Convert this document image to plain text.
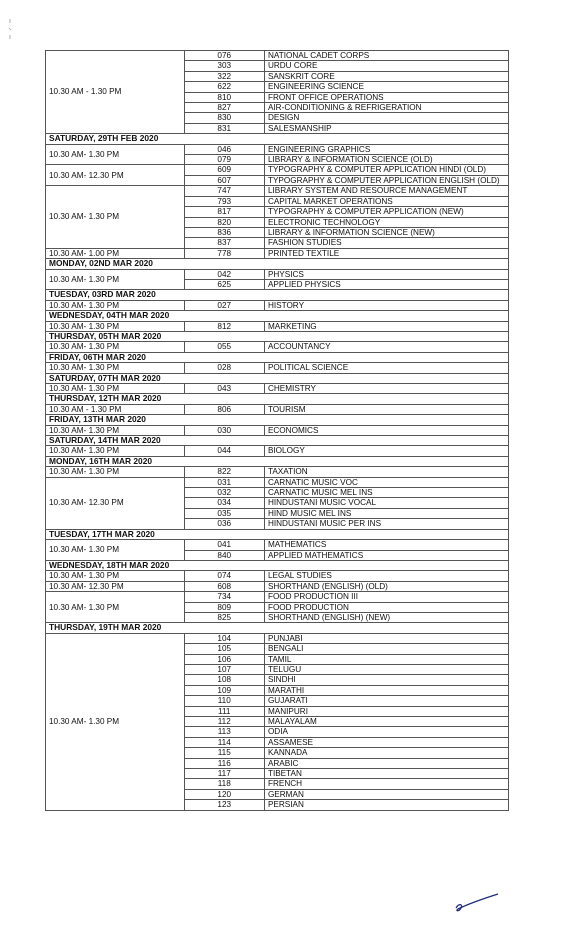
10.30 AM - 1.30 PM	076	NATIONAL CADET CORPS
	303	URDU CORE
	322	SANSKRIT CORE
	622	ENGINEERING SCIENCE
	810	FRONT OFFICE OPERATIONS
	827	AIR-CONDITIONING & REFRIGERATION
	830	DESIGN
	831	SALESMANSHIP
SATURDAY, 29TH FEB 2020		
10.30 AM- 1.30 PM	046	ENGINEERING GRAPHICS
	079	LIBRARY & INFORMATION SCIENCE (OLD)
10.30 AM- 12.30 PM	609	TYPOGRAPHY & COMPUTER APPLICATION HINDI (OLD)
	607	TYPOGRAPHY & COMPUTER APPLICATION ENGLISH (OLD)
10.30 AM- 1.30 PM	747	LIBRARY SYSTEM AND RESOURCE MANAGEMENT
	793	CAPITAL MARKET OPERATIONS
	817	TYPOGRAPHY & COMPUTER APPLICATION (NEW)
	820	ELECTRONIC TECHNOLOGY
	836	LIBRARY & INFORMATION SCIENCE (NEW)
	837	FASHION STUDIES
10.30 AM- 1.00 PM	778	PRINTED TEXTILE
MONDAY, 02ND MAR 2020		
10.30 AM- 1.30 PM	042	PHYSICS
	625	APPLIED PHYSICS
TUESDAY, 03RD MAR 2020		
10.30 AM- 1.30 PM	027	HISTORY
WEDNESDAY, 04TH MAR 2020		
10.30 AM- 1.30 PM	812	MARKETING
THURSDAY, 05TH MAR 2020		
10.30 AM- 1.30 PM	055	ACCOUNTANCY
FRIDAY, 06TH MAR 2020		
10.30 AM- 1.30 PM	028	POLITICAL SCIENCE
SATURDAY, 07TH MAR 2020		
10.30 AM- 1.30 PM	043	CHEMISTRY
THURSDAY, 12TH MAR 2020		
10.30 AM - 1.30 PM	806	TOURISM
FRIDAY, 13TH MAR 2020		
10.30 AM- 1.30 PM	030	ECONOMICS
SATURDAY, 14TH MAR 2020		
10.30 AM- 1.30 PM	044	BIOLOGY
MONDAY, 16TH MAR 2020		
10.30 AM- 1.30 PM	822	TAXATION
10.30 AM- 12.30 PM	031	CARNATIC MUSIC VOC
	032	CARNATIC MUSIC MEL INS
	034	HINDUSTANI MUSIC VOCAL
	035	HIND MUSIC MEL INS
	036	HINDUSTANI MUSIC PER INS
TUESDAY, 17TH MAR 2020		
10.30 AM- 1.30 PM	041	MATHEMATICS
	840	APPLIED MATHEMATICS
WEDNESDAY, 18TH MAR 2020		
10.30 AM- 1.30 PM	074	LEGAL STUDIES
10.30 AM- 12.30 PM	608	SHORTHAND (ENGLISH) (OLD)
10.30 AM- 1.30 PM	734	FOOD PRODUCTION III
	809	FOOD PRODUCTION
	825	SHORTHAND (ENGLISH) (NEW)
THURSDAY, 19TH MAR 2020		
10.30 AM- 1.30 PM	104	PUNJABI
	105	BENGALI
	106	TAMIL
	107	TELUGU
	108	SINDHI
	109	MARATHI
	110	GUJARATI
	111	MANIPURI
	112	MALAYALAM
	113	ODIA
	114	ASSAMESE
	115	KANNADA
	116	ARABIC
	117	TIBETAN
	118	FRENCH
	120	GERMAN
	123	PERSIAN
